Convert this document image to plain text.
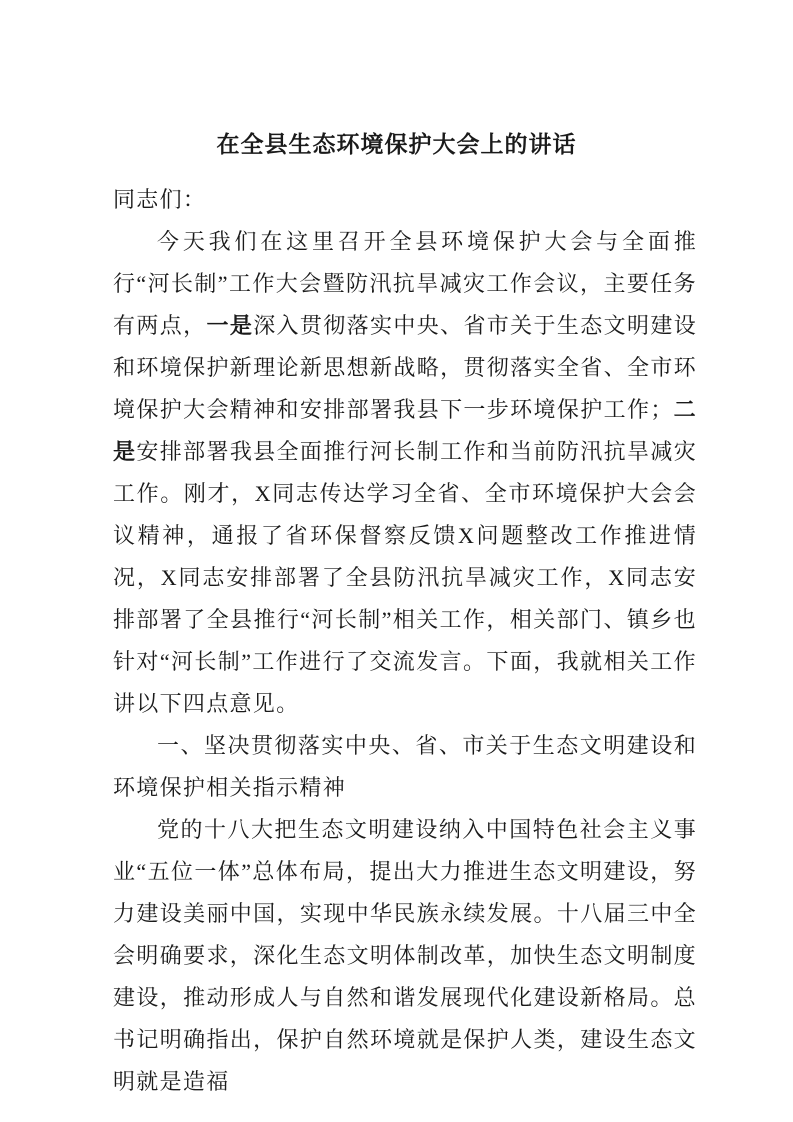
在全县生态环境保护大会上的讲话

同志们：

今天我们在这里召开全县环境保护大会与全面推行“河长制”工作大会暨防汛抗旱减灾工作会议，主要任务有两点，一是深入贯彻落实中央、省市关于生态文明建设和环境保护新理论新思想新战略，贯彻落实全省、全市环境保护大会精神和安排部署我县下一步环境保护工作；二是安排部署我县全面推行河长制工作和当前防汛抗旱减灾工作。刚才，X同志传达学习全省、全市环境保护大会会议精神，通报了省环保督察反馈X问题整改工作推进情况，X同志安排部署了全县防汛抗旱减灾工作，X同志安排部署了全县推行“河长制”相关工作，相关部门、镇乡也针对“河长制”工作进行了交流发言。下面，我就相关工作讲以下四点意见。

一、坚决贯彻落实中央、省、市关于生态文明建设和环境保护相关指示精神

党的十八大把生态文明建设纳入中国特色社会主义事业“五位一体”总体布局，提出大力推进生态文明建设，努力建设美丽中国，实现中华民族永续发展。十八届三中全会明确要求，深化生态文明体制改革，加快生态文明制度建设，推动形成人与自然和谐发展现代化建设新格局。总书记明确指出，保护自然环境就是保护人类，建设生态文明就是造福
